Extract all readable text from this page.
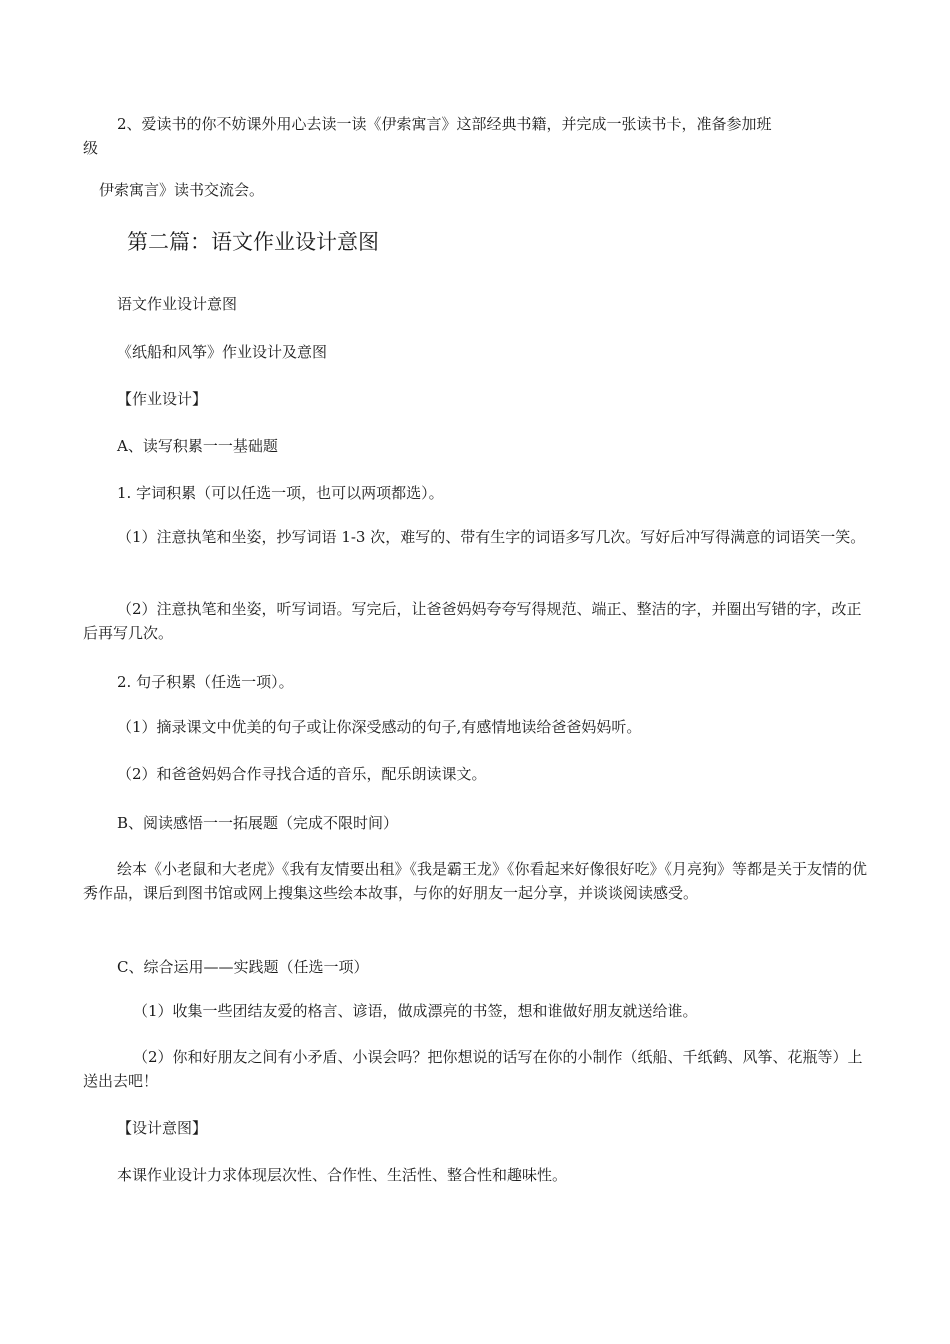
2、爱读书的你不妨课外用心去读一读《伊索寓言》这部经典书籍，并完成一张读书卡，准备参加班

级

伊索寓言》读书交流会。

第二篇：语文作业设计意图

语文作业设计意图

《纸船和风筝》作业设计及意图

【作业设计】

A、读写积累一一基础题

1. 字词积累（可以任选一项，也可以两项都选）。

（1）注意执笔和坐姿，抄写词语 1-3 次，难写的、带有生字的词语多写几次。写好后冲写得满意的词语笑一笑。

（2）注意执笔和坐姿，听写词语。写完后，让爸爸妈妈夸夸写得规范、端正、整洁的字，并圈出写错的字，改正后再写几次。

2. 句子积累（任选一项）。

（1）摘录课文中优美的句子或让你深受感动的句子,有感情地读给爸爸妈妈听。

（2）和爸爸妈妈合作寻找合适的音乐，配乐朗读课文。

B、阅读感悟一一拓展题（完成不限时间）

绘本《小老鼠和大老虎》《我有友情要出租》《我是霸王龙》《你看起来好像很好吃》《月亮狗》等都是关于友情的优秀作品，课后到图书馆或网上搜集这些绘本故事，与你的好朋友一起分享，并谈谈阅读感受。

C、综合运用——实践题（任选一项）

（1）收集一些团结友爱的格言、谚语，做成漂亮的书签，想和谁做好朋友就送给谁。

（2）你和好朋友之间有小矛盾、小误会吗？把你想说的话写在你的小制作（纸船、千纸鹤、风筝、花瓶等）上送出去吧！

【设计意图】

本课作业设计力求体现层次性、合作性、生活性、整合性和趣味性。
